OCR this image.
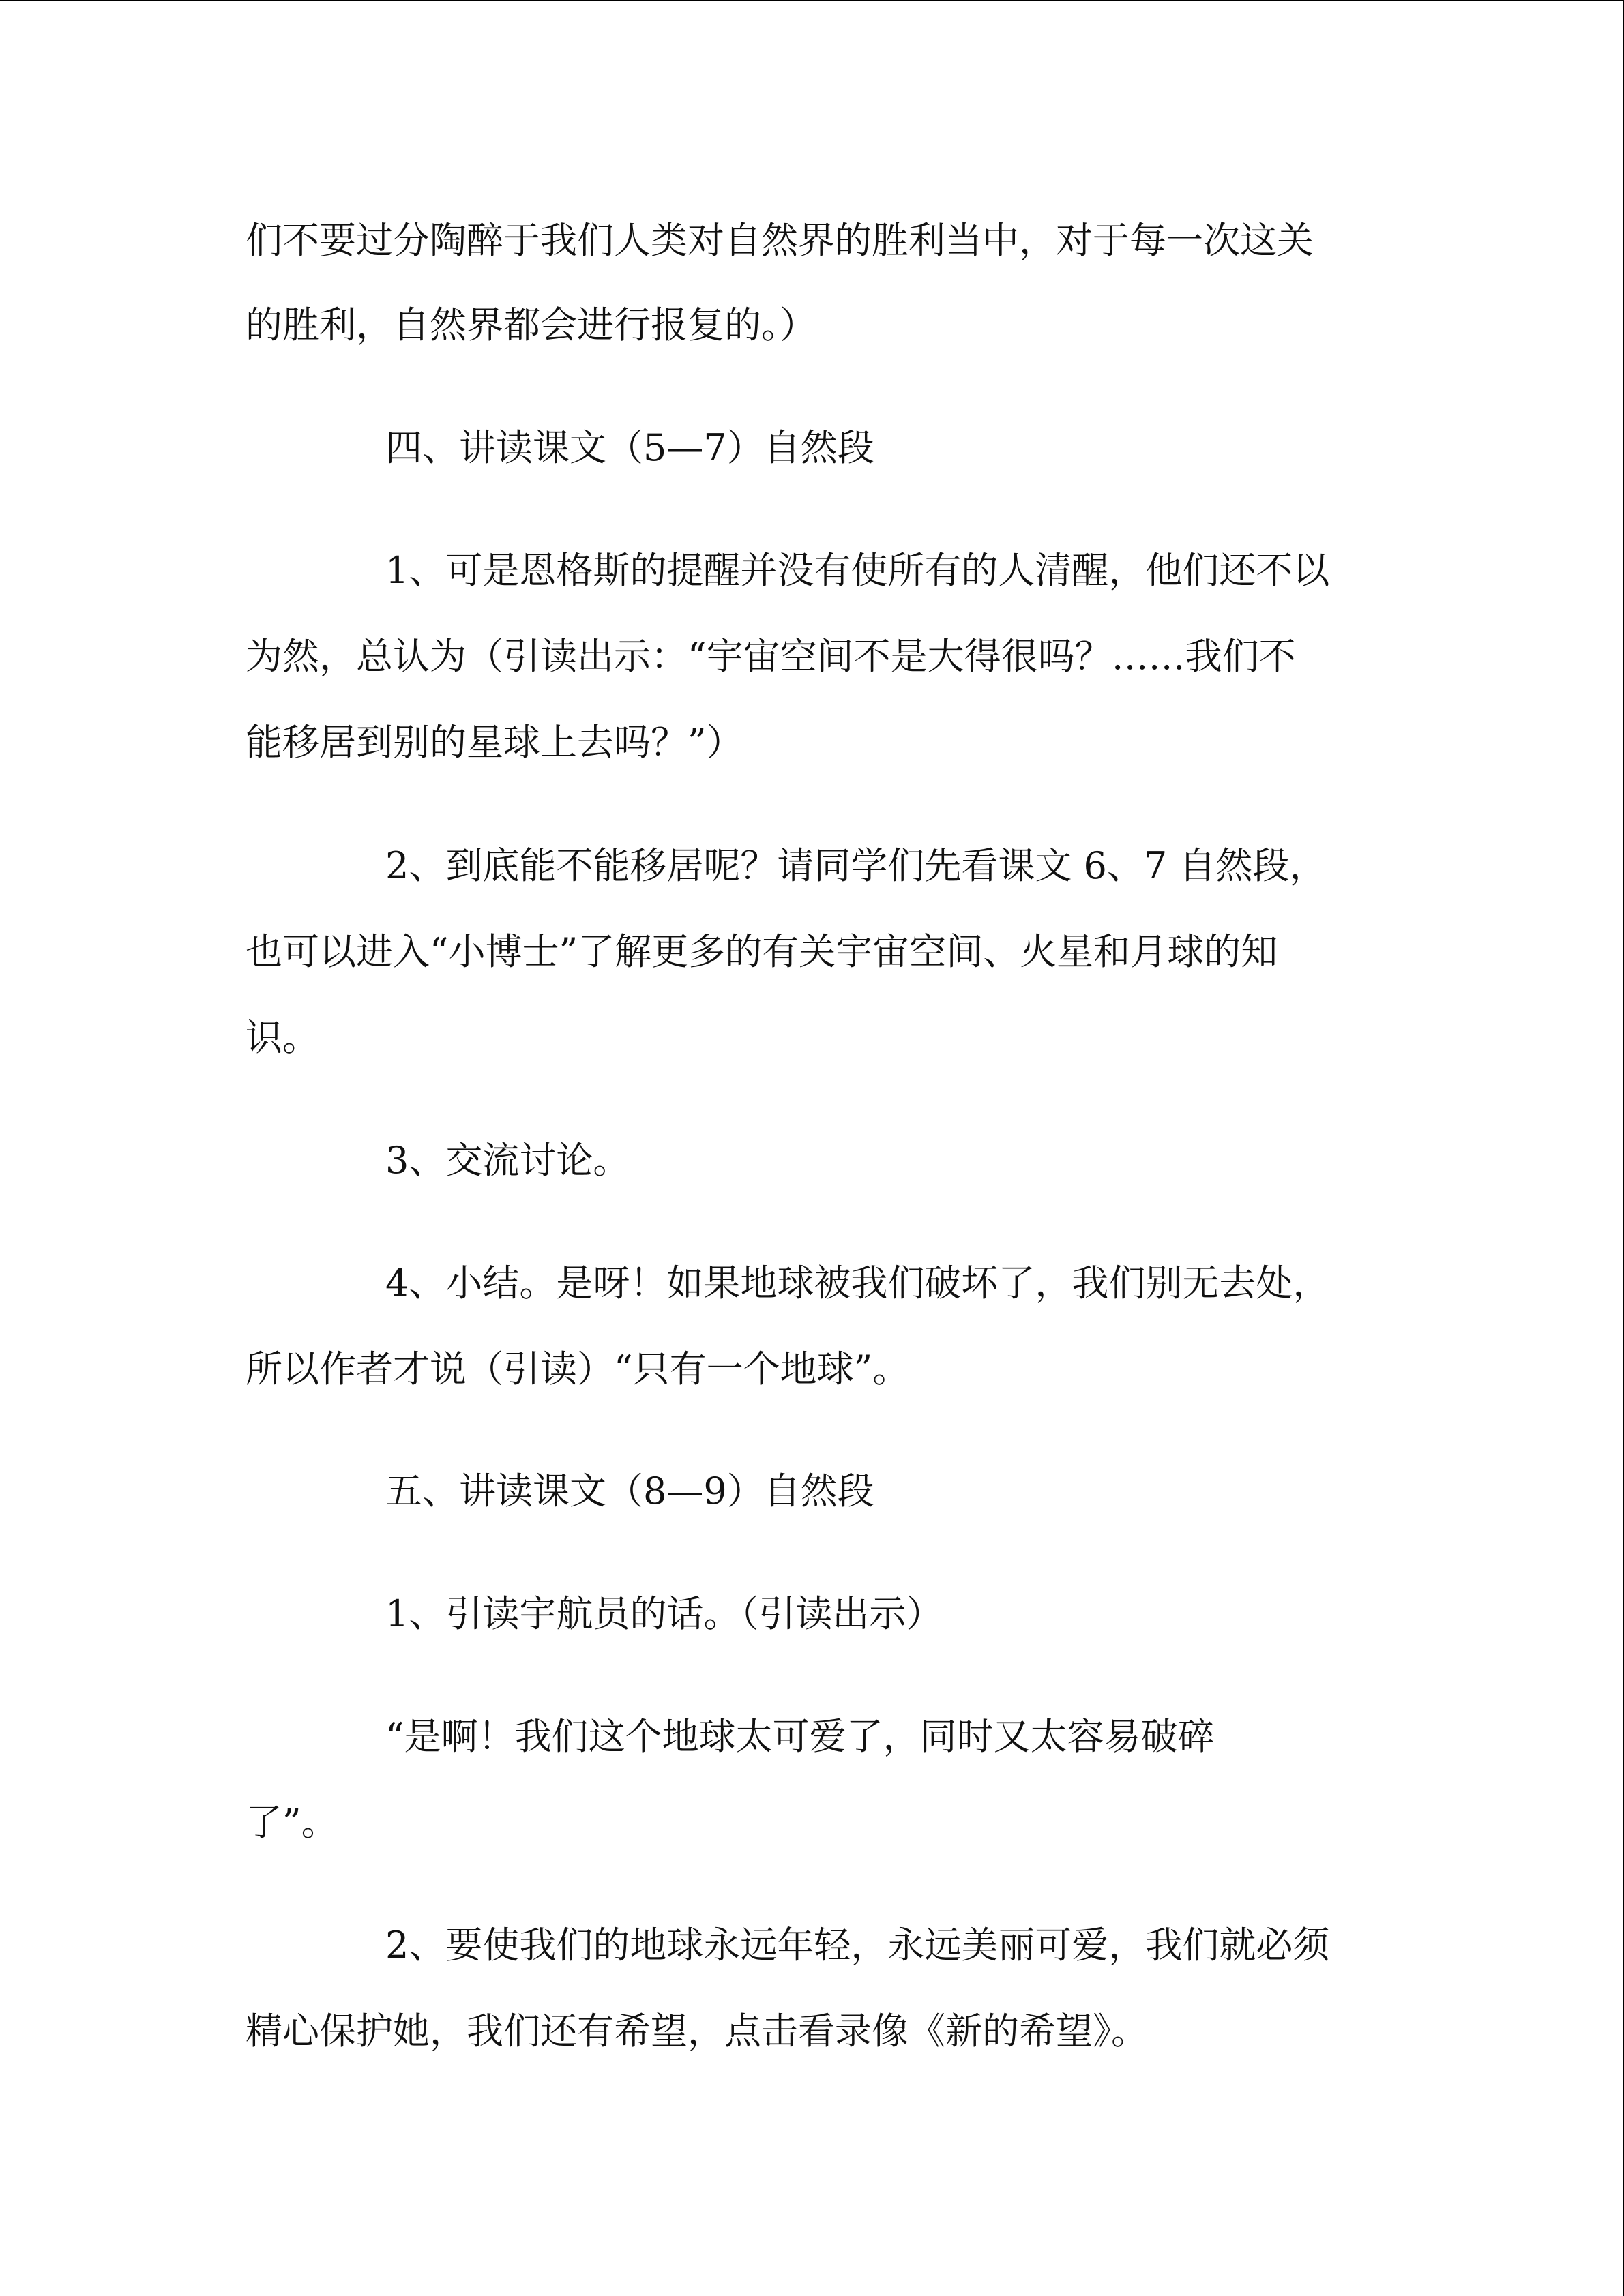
们不要过分陶醉于我们人类对自然界的胜利当中，对于每一次这关

的胜利，自然界都会进行报复的。）

四、讲读课文（5—7）自然段

1、可是恩格斯的提醒并没有使所有的人清醒，他们还不以

为然，总认为（引读出示：“宇宙空间不是大得很吗？……我们不

能移居到别的星球上去吗？”）

2、到底能不能移居呢？请同学们先看课文 6、7 自然段，

也可以进入“小博士”了解更多的有关宇宙空间、火星和月球的知

识。

3、交流讨论。

4、小结。是呀！如果地球被我们破坏了，我们别无去处，

所以作者才说（引读）“只有一个地球”。

五、讲读课文（8—9）自然段

1、引读宇航员的话。（引读出示）

“是啊！我们这个地球太可爱了，同时又太容易破碎

了”。

2、要使我们的地球永远年轻，永远美丽可爱，我们就必须

精心保护她，我们还有希望，点击看录像《新的希望》。
